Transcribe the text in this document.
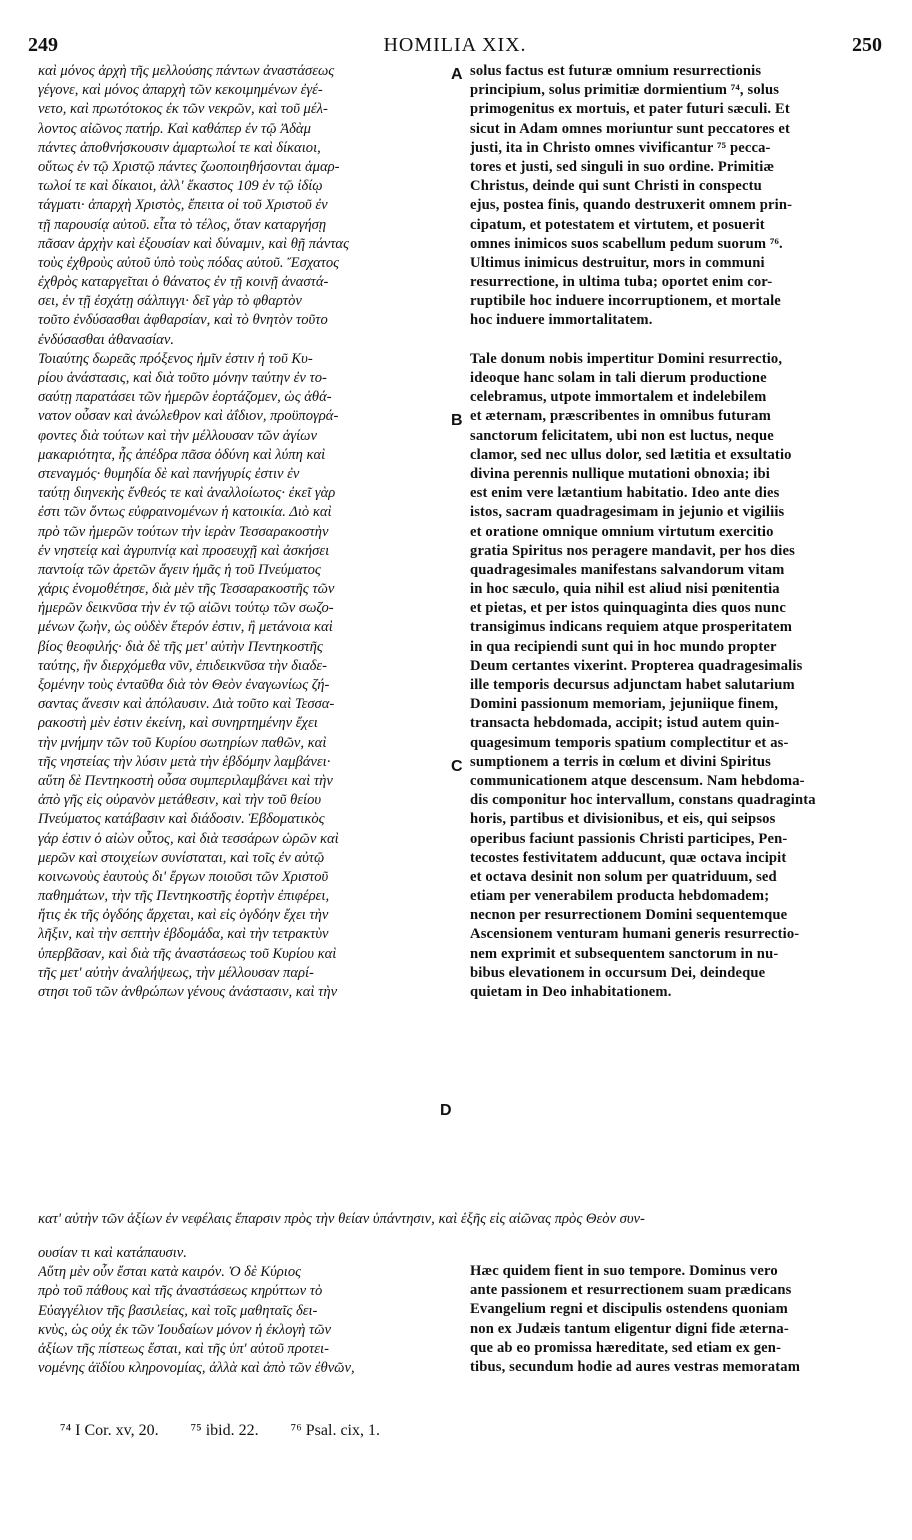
249	HOMILIA XIX.	250
καὶ μόνος ἀρχὴ τῆς μελλούσης πάντων ἀναστάσεως
γέγονε, καὶ μόνος ἀπαρχὴ τῶν κεκοιμημένων ἐγέ-
νετο, καὶ πρωτότοκος ἐκ τῶν νεκρῶν, καὶ τοῦ μέλ-
λοντος αἰῶνος πατήρ. Καὶ καθάπερ ἐν τῷ Ἀδὰμ
πάντες ἀποθνήσκουσιν ἁμαρτωλοί τε καὶ δίκαιοι,
οὕτως ἐν τῷ Χριστῷ πάντες ζωοποιηθήσονται ἁμαρ-
τωλοί τε καὶ δίκαιοι, ἀλλ' ἕκαστος 109 ἐν τῷ ἰδίῳ
τάγματι· ἀπαρχὴ Χριστὸς, ἔπειτα οἱ τοῦ Χριστοῦ ἐν
τῇ παρουσίᾳ αὐτοῦ. εἶτα τὸ τέλος, ὅταν καταργήσῃ
πᾶσαν ἀρχὴν καὶ ἐξουσίαν καὶ δύναμιν, καὶ θῇ πάντας
τοὺς ἐχθροὺς αὐτοῦ ὑπὸ τοὺς πόδας αὐτοῦ. Ἔσχατος
ἐχθρὸς καταργεῖται ὁ θάνατος ἐν τῇ κοινῇ ἀναστά-
σει, ἐν τῇ ἐσχάτῃ σάλπιγγι· δεῖ γὰρ τὸ φθαρτὸν
τοῦτο ἐνδύσασθαι ἀφθαρσίαν, καὶ τὸ θνητὸν τοῦτο
ἐνδύσασθαι ἀθανασίαν.
Τοιαύτης δωρεᾶς πρόξενος ἡμῖν ἐστιν ἡ τοῦ Κυ-
ρίου ἀνάστασις, καὶ διὰ τοῦτο μόνην ταύτην ἐν το-
σαύτῃ παρατάσει τῶν ἡμερῶν ἑορτάζομεν, ὡς ἀθά-
νατον οὖσαν καὶ ἀνώλεθρον καὶ ἀΐδιον, προϋπογρά-
φοντες διὰ τούτων καὶ τὴν μέλλουσαν τῶν ἁγίων
μακαριότητα, ἧς ἀπέδρα πᾶσα ὀδύνη καὶ λύπη καὶ
στεναγμός· θυμηδία δὲ καὶ πανήγυρίς ἐστιν ἐν
ταύτῃ διηνεκὴς ἔνθεός τε καὶ ἀναλλοίωτος· ἐκεῖ γὰρ
ἐστι τῶν ὄντως εὐφραινομένων ἡ κατοικία. Διὸ καὶ
πρὸ τῶν ἡμερῶν τούτων τὴν ἱερὰν Τεσσαρακοστὴν
ἐν νηστείᾳ καὶ ἀγρυπνίᾳ καὶ προσευχῇ καὶ ἀσκήσει
παντοίᾳ τῶν ἀρετῶν ἄγειν ἡμᾶς ἡ τοῦ Πνεύματος
χάρις ἐνομοθέτησε, διὰ μὲν τῆς Τεσσαρακοστῆς τῶν
ἡμερῶν δεικνῦσα τὴν ἐν τῷ αἰῶνι τούτῳ τῶν σωζο-
μένων ζωὴν, ὡς οὐδὲν ἕτερόν ἐστιν, ἢ μετάνοια καὶ
βίος θεοφιλής· διὰ δὲ τῆς μετ' αὐτὴν Πεντηκοστῆς
ταύτης, ἣν διερχόμεθα νῦν, ἐπιδεικνῦσα τὴν διαδε-
ξομένην τοὺς ἐνταῦθα διὰ τὸν Θεὸν ἐναγωνίως ζή-
σαντας ἄνεσιν καὶ ἀπόλαυσιν. Διὰ τοῦτο καὶ Τεσσα-
ρακοστὴ μὲν ἐστιν ἐκείνη, καὶ συνηρτημένην ἔχει
τὴν μνήμην τῶν τοῦ Κυρίου σωτηρίων παθῶν, καὶ
τῆς νηστείας τὴν λύσιν μετὰ τὴν ἑβδόμην λαμβάνει·
αὕτη δὲ Πεντηκοστὴ οὖσα συμπεριλαμβάνει καὶ τὴν
ἀπὸ γῆς εἰς οὐρανὸν μετάθεσιν, καὶ τὴν τοῦ θείου
Πνεύματος κατάβασιν καὶ διάδοσιν. Ἑβδοματικὸς
γάρ ἐστιν ὁ αἰὼν οὗτος, καὶ διὰ τεσσάρων ὡρῶν καὶ
μερῶν καὶ στοιχείων συνίσταται, καὶ τοῖς ἐν αὐτῷ
κοινωνοὺς ἑαυτοὺς δι' ἔργων ποιοῦσι τῶν Χριστοῦ
παθημάτων, τὴν τῆς Πεντηκοστῆς ἑορτὴν ἐπιφέρει,
ἥτις ἐκ τῆς ὀγδόης ἄρχεται, καὶ εἰς ὀγδόην ἔχει τὴν
λῆξιν, καὶ τὴν σεπτὴν ἑβδομάδα, καὶ τὴν τετρακτὺν
ὑπερβᾶσαν, καὶ διὰ τῆς ἀναστάσεως τοῦ Κυρίου καὶ
τῆς μετ' αὐτὴν ἀναλήψεως, τὴν μέλλουσαν παρί-
στησι τοῦ τῶν ἀνθρώπων γένους ἀνάστασιν, καὶ τὴν
solus factus est futuræ omnium resurrectionis
principium, solus primitiæ dormientium ⁷⁴, solus
primogenitus ex mortuis, et pater futuri sæculi. Et
sicut in Adam omnes moriuntur sunt peccatores et
justi, ita in Christo omnes vivificantur ⁷⁵ pecca-
tores et justi, sed singuli in suo ordine. Primitiæ
Christus, deinde qui sunt Christi in conspectu
ejus, postea finis, quando destruxerit omnem prin-
cipatum, et potestatem et virtutem, et posuerit
omnes inimicos suos scabellum pedum suorum ⁷⁶.
Ultimus inimicus destruitur, mors in communi
resurrectione, in ultima tuba; oportet enim cor-
ruptibile hoc induere incorruptionem, et mortale
hoc induere immortalitatem.
Tale donum nobis impertitur Domini resurrectio,
ideoque hanc solam in tali dierum productione
celebramus, utpote immortalem et indelebilem
et æternam, præscribentes in omnibus futuram
sanctorum felicitatem, ubi non est luctus, neque
clamor, sed nec ullus dolor, sed lætitia et exsultatio
divina perennis nullique mutationi obnoxia; ibi
est enim vere lætantium habitatio. Ideo ante dies
istos, sacram quadragesimam in jejunio et vigiliis
et oratione omnique omnium virtutum exercitio
gratia Spiritus nos peragere mandavit, per hos dies
quadragesimales manifestans salvandorum vitam
in hoc sæculo, quia nihil est aliud nisi pœnitentia
et pietas, et per istos quinquaginta dies quos nunc
transigimus indicans requiem atque prosperitatem
in qua recipiendi sunt qui in hoc mundo propter
Deum certantes vixerint. Propterea quadragesimalis
ille temporis decursus adjunctam habet salutarium
Domini passionum memoriam, jejuniique finem,
transacta hebdomada, accipit; istud autem quin-
quagesimum temporis spatium complectitur et as-
sumptionem a terris in cœlum et divini Spiritus
communicationem atque descensum. Nam hebdoma-
dis componitur hoc intervallum, constans quadraginta
horis, partibus et divisionibus, et eis, qui seipsos
operibus faciunt passionis Christi participes, Pen-
tecostes festivitatem adducunt, quæ octava incipit
et octava desinit non solum per quatriduum, sed
etiam per venerabilem producta hebdomadem;
necnon per resurrectionem Domini sequentemque
Ascensionem venturam humani generis resurrectio-
nem exprimit et subsequentem sanctorum in nu-
bibus elevationem in occursum Dei, deindeque
quietam in Deo inhabitationem.
A
B
C
D
κατ' αὐτὴν τῶν ἀξίων ἐν νεφέλαις ἔπαρσιν πρὸς τὴν θείαν ὑπάντησιν, καὶ ἑξῆς εἰς αἰῶνας πρὸς Θεὸν συν-
ουσίαν τι καὶ κατάπαυσιν.
Αὕτη μὲν οὖν ἔσται κατὰ καιρόν. Ὁ δὲ Κύριος
πρὸ τοῦ πάθους καὶ τῆς ἀναστάσεως κηρύττων τὸ
Εὐαγγέλιον τῆς βασιλείας, καὶ τοῖς μαθηταῖς δει-
κνὺς, ὡς οὐχ ἐκ τῶν Ἰουδαίων μόνον ἡ ἐκλογὴ τῶν
ἀξίων τῆς πίστεως ἔσται, καὶ τῆς ὑπ' αὐτοῦ προτει-
νομένης ἀϊδίου κληρονομίας, ἀλλὰ καὶ ἀπὸ τῶν ἐθνῶν,
Hæc quidem fient in suo tempore. Dominus vero
ante passionem et resurrectionem suam prædicans
Evangelium regni et discipulis ostendens quoniam
non ex Judæis tantum eligentur digni fide æterna-
que ab eo promissa hæreditate, sed etiam ex gen-
tibus, secundum hodie ad aures vestras memoratam
⁷⁴ I Cor. xv, 20. ⁷⁵ ibid. 22. ⁷⁶ Psal. cix, 1.
